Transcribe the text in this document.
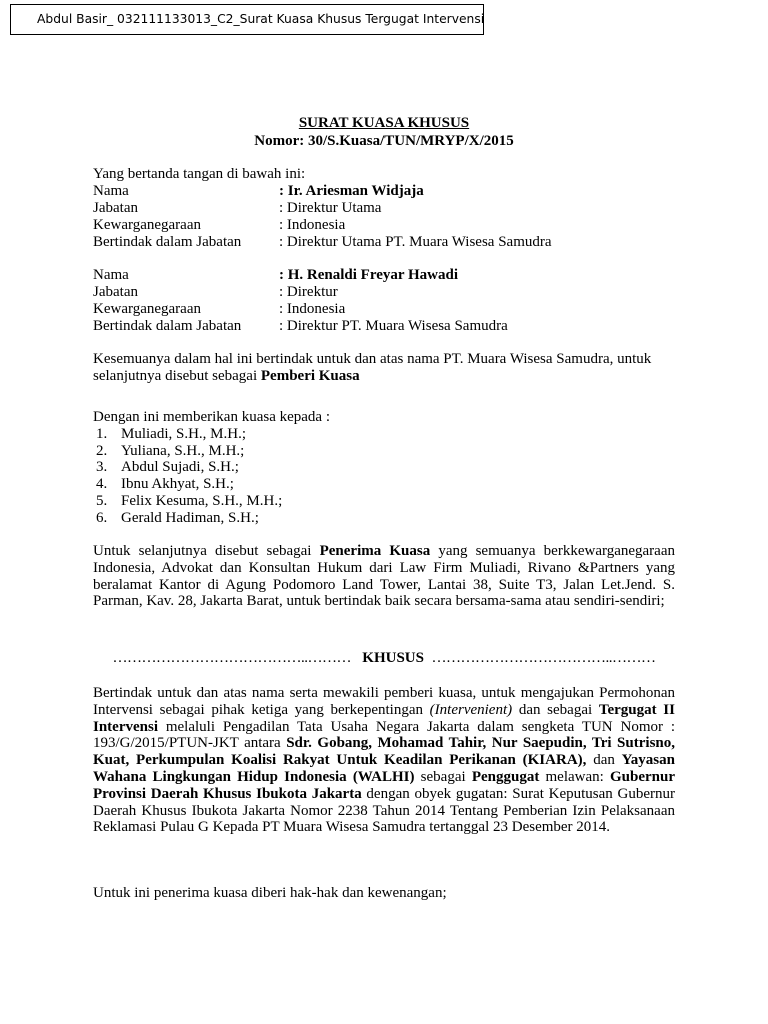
Abdul Basir_ 032111133013_C2_Surat Kuasa Khusus Tergugat Intervensi
SURAT KUASA KHUSUS
Nomor: 30/S.Kuasa/TUN/MRYP/X/2015
Yang bertanda tangan di bawah ini:
Nama	: Ir. Ariesman Widjaja
Jabatan	: Direktur Utama
Kewarganegaraan	: Indonesia
Bertindak dalam Jabatan	: Direktur Utama PT. Muara Wisesa Samudra
Nama	: H. Renaldi Freyar Hawadi
Jabatan	: Direktur
Kewarganegaraan	: Indonesia
Bertindak dalam Jabatan	: Direktur PT. Muara Wisesa Samudra
Kesemuanya dalam hal ini bertindak untuk dan atas nama PT. Muara Wisesa Samudra, untuk
selanjutnya disebut sebagai Pemberi Kuasa
Dengan ini memberikan kuasa kepada :
1. Muliadi, S.H., M.H.;
2. Yuliana, S.H., M.H.;
3. Abdul Sujadi, S.H.;
4. Ibnu Akhyat, S.H.;
5. Felix Kesuma, S.H., M.H.;
6. Gerald Hadiman, S.H.;
Untuk selanjutnya disebut sebagai Penerima Kuasa yang semuanya berkkewarganegaraan Indonesia, Advokat dan Konsultan Hukum dari Law Firm Muliadi, Rivano &Partners yang beralamat Kantor di Agung Podomoro Land Tower, Lantai 38, Suite T3, Jalan Let.Jend. S. Parman, Kav. 28, Jakarta Barat, untuk bertindak baik secara bersama-sama atau sendiri-sendiri;
…………………………………..……… KHUSUS ………………………………..………
Bertindak untuk dan atas nama serta mewakili pemberi kuasa, untuk mengajukan Permohonan Intervensi sebagai pihak ketiga yang berkepentingan (Intervenient) dan sebagai Tergugat II Intervensi melaluli Pengadilan Tata Usaha Negara Jakarta dalam sengketa TUN Nomor : 193/G/2015/PTUN-JKT antara Sdr. Gobang, Mohamad Tahir, Nur Saepudin, Tri Sutrisno, Kuat, Perkumpulan Koalisi Rakyat Untuk Keadilan Perikanan (KIARA), dan Yayasan Wahana Lingkungan Hidup Indonesia (WALHI) sebagai Penggugat melawan: Gubernur Provinsi Daerah Khusus Ibukota Jakarta dengan obyek gugatan: Surat Keputusan Gubernur Daerah Khusus Ibukota Jakarta Nomor 2238 Tahun 2014 Tentang Pemberian Izin Pelaksanaan Reklamasi Pulau G Kepada PT Muara Wisesa Samudra tertanggal 23 Desember 2014.
Untuk ini penerima kuasa diberi hak-hak dan kewenangan;
